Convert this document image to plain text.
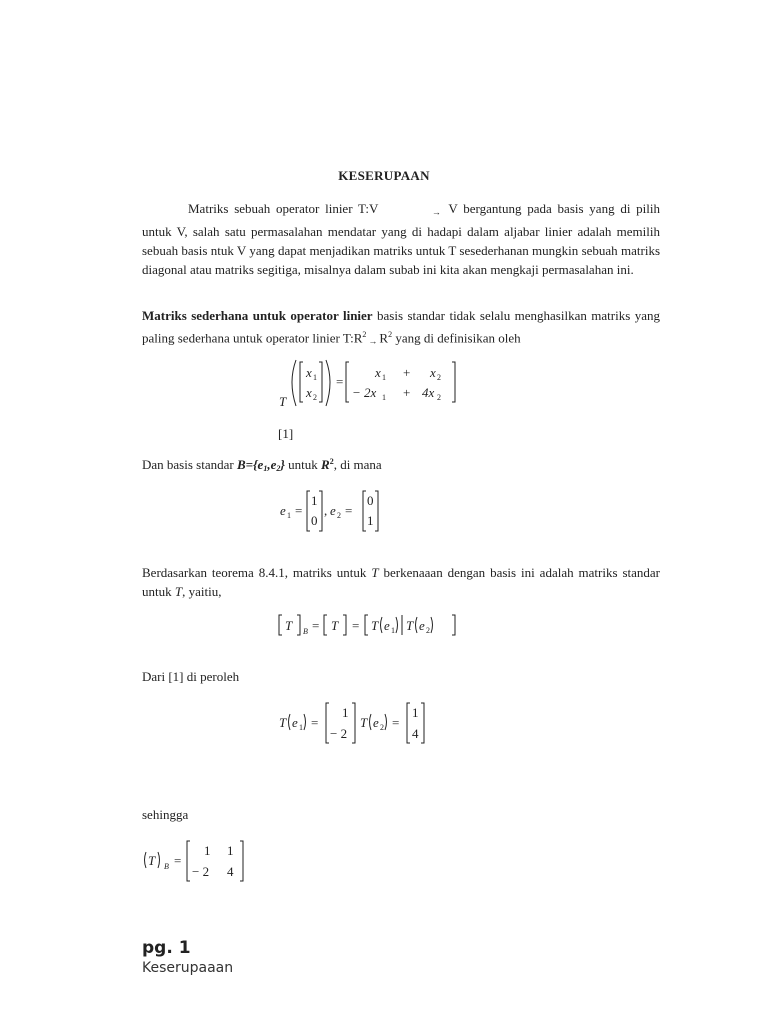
KESERUPAAN
Matriks sebuah operator linier T:V	→ V bergantung pada basis yang di pilih untuk V, salah satu permasalahan mendatar yang di hadapi dalam aljabar linier adalah memilih sebuah basis ntuk V yang dapat menjadikan matriks untuk T sesederhanan mungkin sebuah matriks diagonal atau matriks segitiga, misalnya dalam subab ini kita akan mengkaji permasalahan ini.
Matriks sederhana untuk operator linier basis standar tidak selalu menghasilkan matriks yang paling sederhana untuk operator linier $T:R^2\to R^2$ yang di definisikan oleh
T
x 1
x 2
=
x 1 + x 2
− 2x 1 + 4x 2
[1]
Dan basis standar B={e1,e2} untuk $R^2$, di mana
e 1 =
1
0
, e 2 =
0
1
Berdasarkan teorema 8.4.1, matriks untuk T berkenaaan dengan basis ini adalah matriks standar untuk T, yaitiu,
T B = T = T e 1 T e 2
Dari [1] di peroleh
T e 1 =
1
− 2
T e 2 =
1
4
sehingga
T B =
1 1
− 2 4
pg. 1
Keserupaaan
